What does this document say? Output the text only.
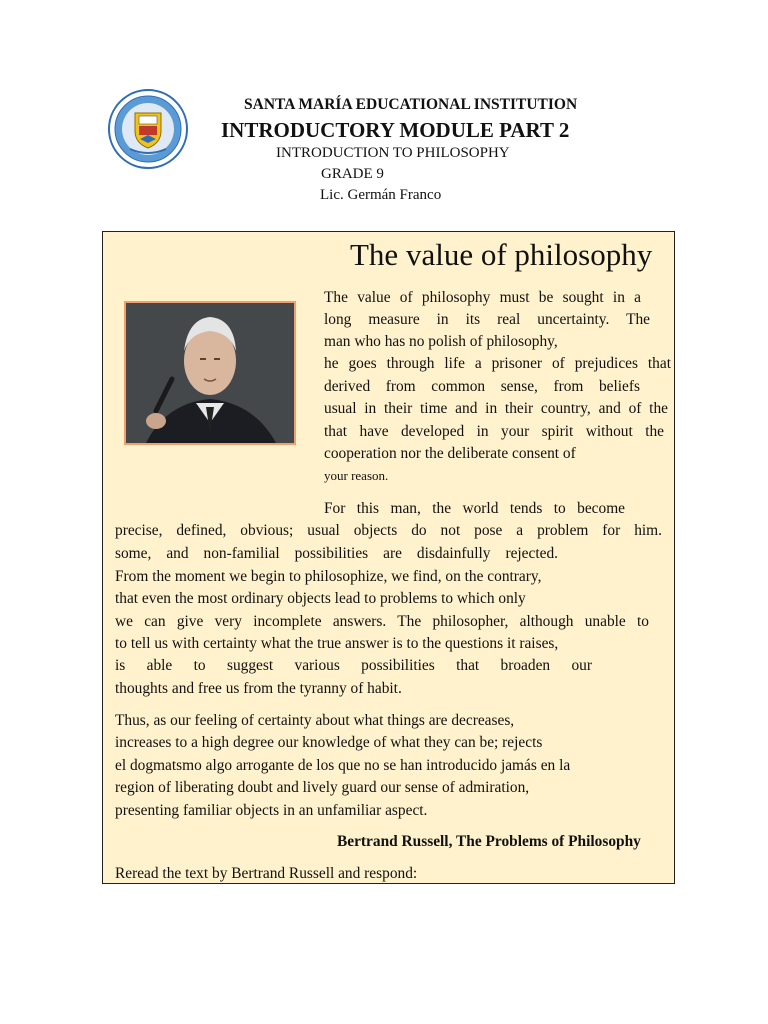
SANTA MARÍA EDUCATIONAL INSTITUTION
INTRODUCTORY MODULE PART 2
INTRODUCTION TO PHILOSOPHY
GRADE 9
Lic. Germán Franco
The value of philosophy
The value of philosophy must be sought in a
long measure in its real uncertainty. The
man who has no polish of philosophy,
he goes through life a prisoner of prejudices that
derived from common sense, from beliefs
usual in their time and in their country, and of the
that have developed in your spirit without the
cooperation nor the deliberate consent of
your reason.
For this man, the world tends to become
precise, defined, obvious; usual objects do not pose a problem for him.
some, and non-familial possibilities are disdainfully rejected.
From the moment we begin to philosophize, we find, on the contrary,
that even the most ordinary objects lead to problems to which only
we can give very incomplete answers. The philosopher, although unable to
to tell us with certainty what the true answer is to the questions it raises,
is able to suggest various possibilities that broaden our
thoughts and free us from the tyranny of habit.
Thus, as our feeling of certainty about what things are decreases,
increases to a high degree our knowledge of what they can be; rejects
el dogmatsmo algo arrogante de los que no se han introducido jamás en la
region of liberating doubt and lively guard our sense of admiration,
presenting familiar objects in an unfamiliar aspect.
Bertrand Russell, The Problems of Philosophy
Reread the text by Bertrand Russell and respond:
